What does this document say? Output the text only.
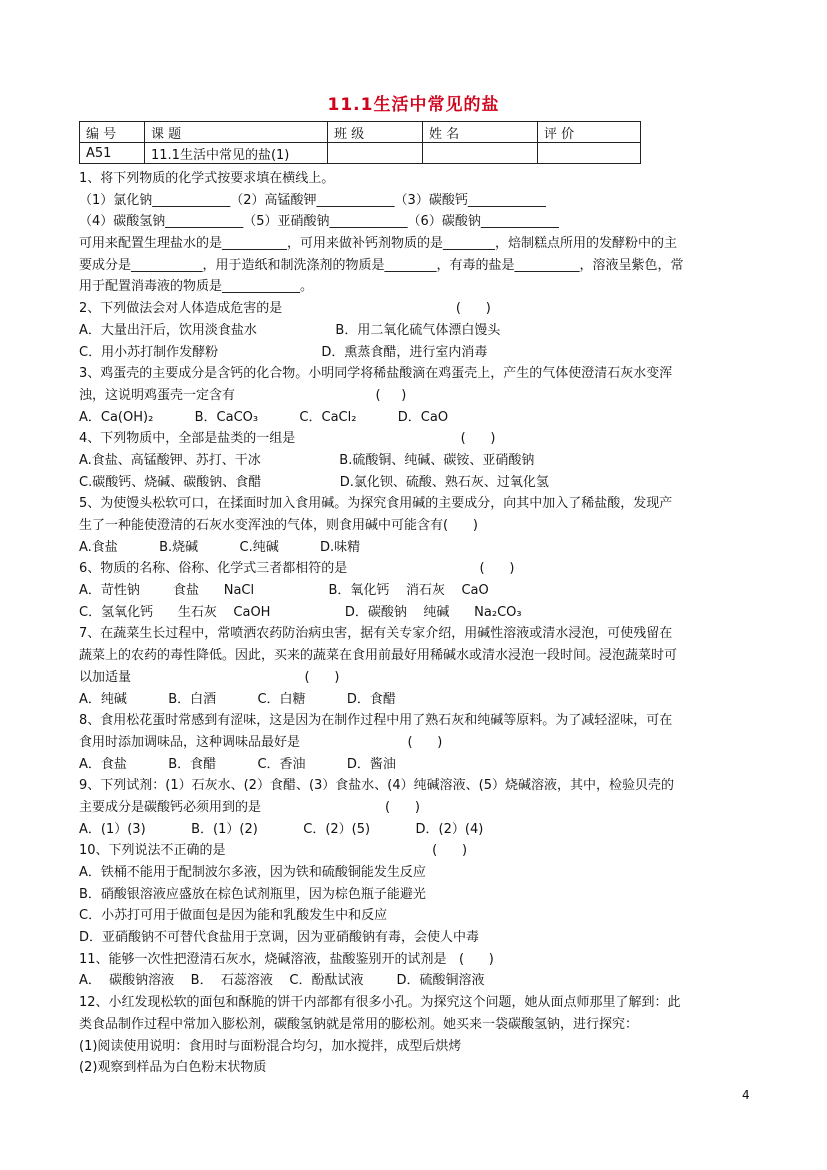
11.1生活中常见的盐
编 号	课 题	班 级	姓 名	评 价
A51	11.1生活中常见的盐(1)			
1、将下列物质的化学式按要求填在横线上。
（1）氯化钠____________（2）高锰酸钾____________（3）碳酸钙____________
（4）碳酸氢钠____________（5）亚硝酸钠____________（6）碳酸钠____________
可用来配置生理盐水的是__________，可用来做补钙剂物质的是________，焙制糕点所用的发酵粉中的主
要成分是___________，用于造纸和制洗涤剂的物质是________，有毒的盐是__________，溶液呈紫色，常
用于配置消毒液的物质是____________。
2、下列做法会对人体造成危害的是                                          (      )
A．大量出汗后，饮用淡食盐水                   B．用二氧化硫气体漂白馒头
C．用小苏打制作发酵粉                         D．熏蒸食醋，进行室内消毒
3、鸡蛋壳的主要成分是含钙的化合物。小明同学将稀盐酸滴在鸡蛋壳上，产生的气体使澄清石灰水变浑
浊，这说明鸡蛋壳一定含有                                  (     )
A．Ca(OH)₂          B．CaCO₃          C．CaCl₂          D．CaO
4、下列物质中，全部是盐类的一组是                                        (      )
A.食盐、高锰酸钾、苏打、干冰                   B.硫酸铜、纯碱、碳铵、亚硝酸钠
C.碳酸钙、烧碱、碳酸钠、食醋                   D.氯化钡、硫酸、熟石灰、过氧化氢
5、为使馒头松软可口，在揉面时加入食用碱。为探究食用碱的主要成分，向其中加入了稀盐酸，发现产
生了一种能使澄清的石灰水变浑浊的气体，则食用碱中可能含有(      )
A.食盐          B.烧碱          C.纯碱          D.味精
6、物质的名称、俗称、化学式三者都相符的是                                (      )
A．苛性钠        食盐      NaCl                  B．氧化钙    消石灰    CaO
C．氢氧化钙      生石灰    CaOH                  D．碳酸钠    纯碱      Na₂CO₃
7、在蔬菜生长过程中，常喷洒农药防治病虫害，据有关专家介绍，用碱性溶液或清水浸泡，可使残留在
蔬菜上的农药的毒性降低。因此，买来的蔬菜在食用前最好用稀碱水或清水浸泡一段时间。浸泡蔬菜时可
以加适量                                          (      )
A．纯碱          B．白酒          C．白糖          D．食醋
8、食用松花蛋时常感到有涩味，这是因为在制作过程中用了熟石灰和纯碱等原料。为了减轻涩味，可在
食用时添加调味品，这种调味品最好是                          (      )
A．食盐          B．食醋          C．香油          D．酱油
9、下列试剂：(1）石灰水、(2）食醋、(3）食盐水、(4）纯碱溶液、(5）烧碱溶液，其中，检验贝壳的
主要成分是碳酸钙必须用到的是                              (      )
A．(1）(3)           B．(1）(2)           C．(2）(5)           D．(2）(4)
10、下列说法不正确的是                                                  (      )
A．铁桶不能用于配制波尔多液，因为铁和硫酸铜能发生反应
B．硝酸银溶液应盛放在棕色试剂瓶里，因为棕色瓶子能避光
C．小苏打可用于做面包是因为能和乳酸发生中和反应
D．亚硝酸钠不可替代食盐用于烹调，因为亚硝酸钠有毒，会使人中毒
11、能够一次性把澄清石灰水，烧碱溶液，盐酸鉴别开的试剂是   (      )
A．  碳酸钠溶液    B．  石蕊溶液    C．酚酞试液        D．硫酸铜溶液
12、小红发现松软的面包和酥脆的饼干内部都有很多小孔。为探究这个问题，她从面点师那里了解到：此
类食品制作过程中常加入膨松剂，碳酸氢钠就是常用的膨松剂。她买来一袋碳酸氢钠，进行探究：
(1)阅读使用说明：食用时与面粉混合均匀，加水搅拌，成型后烘烤
(2)观察到样品为白色粉末状物质
4
